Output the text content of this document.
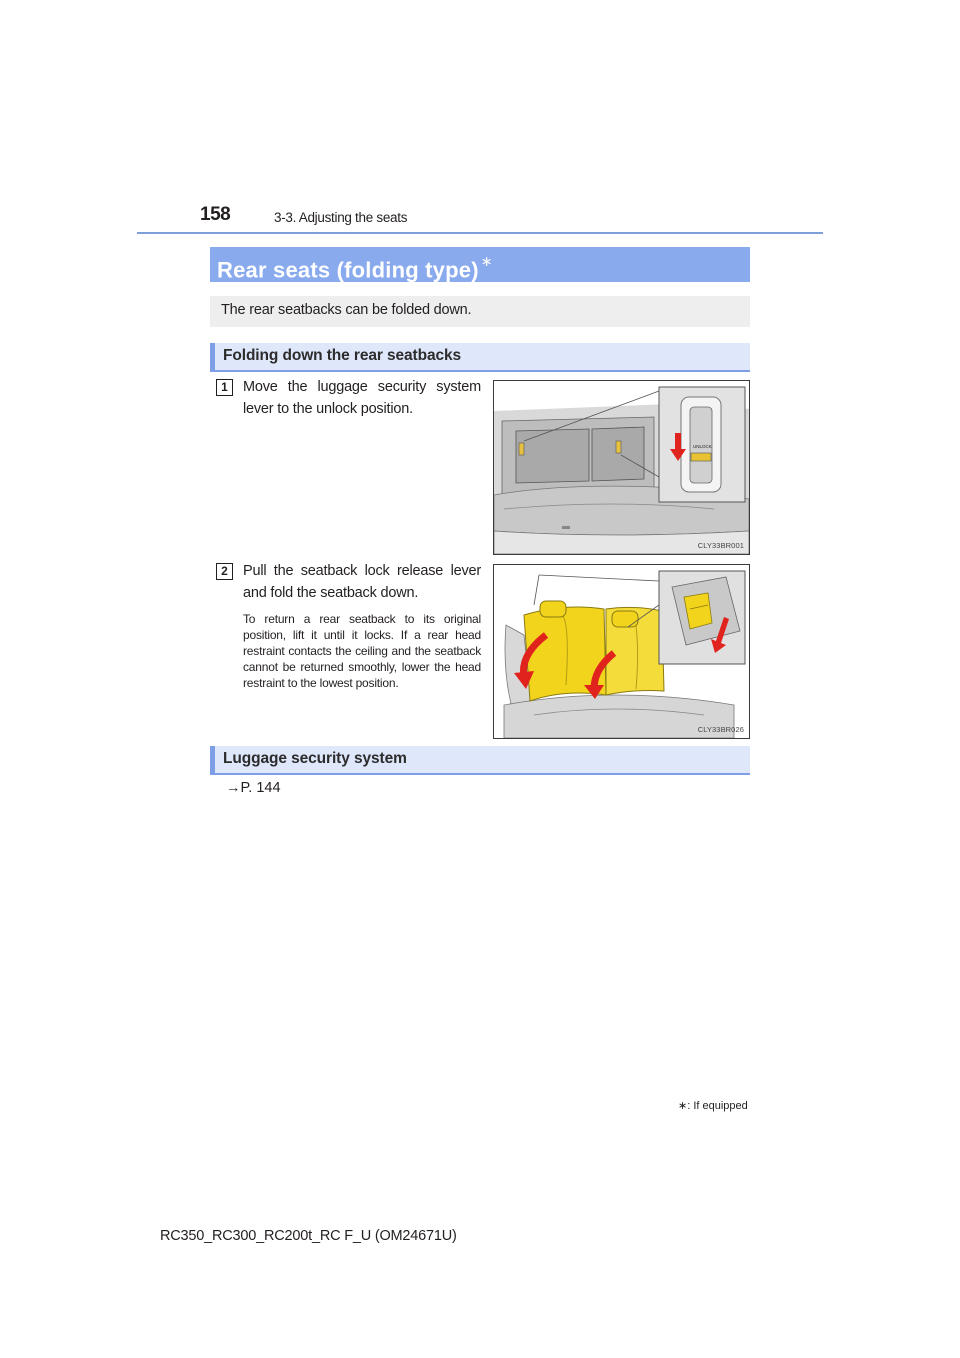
158	3-3. Adjusting the seats
Rear seats (folding type) ∗
The rear seatbacks can be folded down.
Folding down the rear seatbacks
1	Move the luggage security system lever to the unlock position.
UNLOCK
CLY33BR001
2	Pull the seatback lock release lever and fold the seatback down.
To return a rear seatback to its original position, lift it until it locks. If a rear head restraint contacts the ceiling and the seatback cannot be returned smoothly, lower the head restraint to the lowest position.
CLY33BR026
Luggage security system
→P. 144
∗: If equipped
RC350_RC300_RC200t_RC F_U (OM24671U)
